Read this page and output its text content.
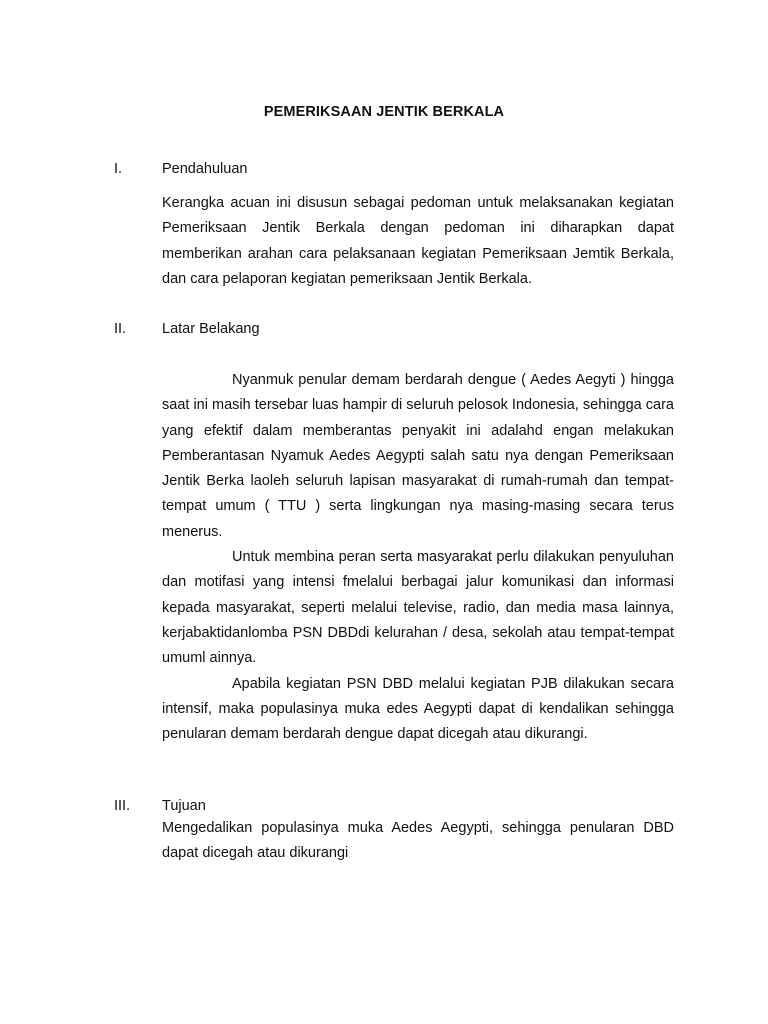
PEMERIKSAAN JENTIK BERKALA
I.	Pendahuluan

Kerangka acuan ini disusun sebagai pedoman untuk melaksanakan kegiatan Pemeriksaan Jentik Berkala dengan pedoman ini diharapkan dapat memberikan arahan cara pelaksanaan kegiatan Pemeriksaan Jemtik Berkala, dan cara pelaporan kegiatan pemeriksaan Jentik Berkala.

II. Latar Belakang

Nyanmuk penular demam berdarah dengue ( Aedes Aegyti ) hingga saat ini masih tersebar luas hampir di seluruh pelosok Indonesia, sehingga cara yang efektif dalam memberantas penyakit ini adalahd engan melakukan Pemberantasan Nyamuk Aedes Aegypti salah satu nya dengan Pemeriksaan Jentik Berka laoleh seluruh lapisan masyarakat di rumah-rumah dan tempat-tempat umum ( TTU ) serta lingkungan nya masing-masing secara terus menerus.

Untuk membina peran serta masyarakat perlu dilakukan penyuluhan dan motifasi yang intensi fmelalui berbagai jalur komunikasi dan informasi kepada masyarakat, seperti melalui televise, radio, dan media masa lainnya, kerjabaktidanlomba PSN DBDdi kelurahan / desa, sekolah atau tempat-tempat umuml ainnya.

Apabila kegiatan PSN DBD melalui kegiatan PJB dilakukan secara intensif, maka populasinya muka edes Aegypti dapat di kendalikan sehingga penularan demam berdarah dengue dapat dicegah atau dikurangi.

III. Tujuan

Mengedalikan populasinya muka Aedes Aegypti, sehingga penularan DBD dapat dicegah atau dikurangi
